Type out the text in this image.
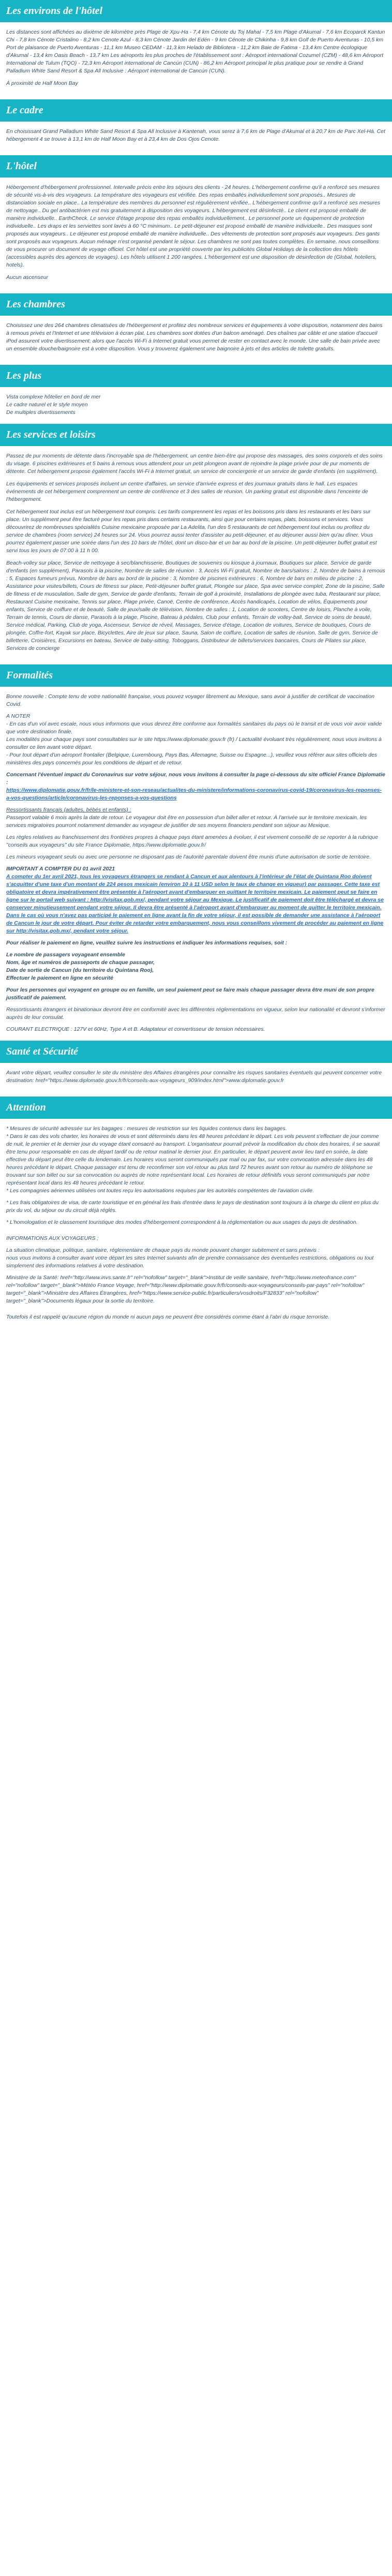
Les environs de l'hôtel

Les distances sont affichées au dixième de kilomètre près Plage de Xpu-Ha - 7,4 km Cénote du Toj Mahal - 7,5 km Plage d'Akumal - 7,6 km Ecoparck Kantun Chi - 7,8 km Cénote Cristalino - 8,2 km Cenote Azul - 8,3 km Cénote Jardin del Edén - 9 km Cénote de Chikinha - 9,8 km Golf de Puerto Aventuras - 10,5 km Port de plaisance de Puerto Aventuras - 11,1 km Museo CEDAM - 11,3 km Helado de Bibliotera - 11,2 km Baie de Fatima - 13,4 km Centre écologique d'Akumal - 13,4 km Oasis Beach - 13,7 km Les aéroports les plus proches de l'établissement sont : Aéroport international Cozumel (CZM) - 48,6 km Aéroport International de Tulum (TQO) - 72,3 km Aéroport international de Cancún (CUN) - 86,2 km Aéroport principal le plus pratique pour se rendre à Grand Palladium White Sand Resort & Spa All Inclusive : Aéroport international de Cancún (CUN).

À proximité de Half Moon Bay

Le cadre

En choisissant Grand Palladium White Sand Resort & Spa All Inclusive à Kantenah, vous serez à 7,6 km de Plage d'Akumal et à 20,7 km de Parc Xel-Há. Cet hébergement 4 se trouve à 13,1 km de Half Moon Bay et à 23,4 km de Dos Ojos Cenote.

L'hôtel

Hébergement d'hébergement professionnel. Intervalle précis entre les séjours des clients - 24 heures. L'hébergement confirme qu'il a renforcé ses mesures de sécurité vis-à-vis des voyageurs. La température des voyageurs est vérifiée. Des repas emballés individuellement sont proposés.. Mesures de distanciation sociale en place.. La température des membres du personnel est régulièrement vérifiée.. L'hébergement confirme qu'il a renforcé ses mesures de nettoyage.. Du gel antibactérien est mis gratuitement à disposition des voyageurs. L'hébergement est désinfecté.. Le client est proposé emballé de manière individuelle.. EarthCheck. Le service d'étage propose des repas emballés individuellement.. Le personnel porte un équipement de protection individuelle.. Les draps et les serviettes sont lavés à 60 °C minimum.. Le petit-déjeuner est proposé emballé de manière individuelle.. Des masques sont proposés aux voyageurs.. Le déjeuner est proposé emballé de manière individuelle.. Des vêtements de protection sont proposés aux voyageurs. Des gants sont proposés aux voyageurs. Aucun ménage n'est organisé pendant le séjour. Les chambres ne sont pas toutes complètes. En semaine, nous conseillons de vous procurer un document de voyage officiel. Cet hôtel est une propriété couverte par les publicités Global Holidays de la collection des hôtels (accessibles auprès des agences de voyages). Les hôtels utilisent 1 200 rangées. L'hébergement est une disposition de désinfection de (Global, hoteliers, hotels).

Aucun ascenseur

Les chambres

Choisissez une des 264 chambres climatisées de l'hébergement et profitez des nombreux services et équipements à votre disposition, notamment des bains à remous privés et l'Internet et une télévision à écran plat. Les chambres sont dotées d'un balcon aménagé. Des chaînes par câble et une station d'accueil iPod assurent votre divertissement, alors que l'accès Wi-Fi à Internet gratuit vous permet de rester en contact avec le monde. Une salle de bain privée avec un ensemble douche/baignoire est à votre disposition. Vous y trouverez également une baignoire à jets et des articles de toilette gratuits.

Les plus
Vista complexe hôtelier en bord de mer
Le cadre naturel et le style moyen
De multiples divertissements
Les services et loisirs

Passez de pur moments de détente dans l'incroyable spa de l'hébergement, un centre bien-être qui propose des massages, des soins corporels et des soins du visage. 6 piscines extérieures et 5 bains à remous vous attendent pour un petit plongeon avant de rejoindre la plage privée pour de pur moments de détente. Cet hébergement propose également l'accès Wi-Fi à Internet gratuit, un service de conciergerie et un service de garde d'enfants (en supplément).

Les équipements et services proposés incluent un centre d'affaires, un service d'arrivée express et des journaux gratuits dans le hall. Les espaces événements de cet hébergement comprennent un centre de conférence et 3 des salles de réunion. Un parking gratuit est disponible dans l'enceinte de l'hébergement.

Cet hébergement tout inclus est un hébergement tout compris. Les tarifs comprennent les repas et les boissons pris dans les restaurants et les bars sur place. Un supplément peut être facturé pour les repas pris dans certains restaurants, ainsi que pour certains repas, plats, boissons et services. Vous découvrirez de nombreuses spécialités Cuisine mexicaine proposée par La Adelita, l'un des 5 restaurants de cet hébergement tout inclus ou profitez du service de chambres (room service) 24 heures sur 24. Vous pourrez aussi tenter d'assister au petit-déjeuner, et au déjeuner aussi bien qu'au dîner. Vous pourrez également passer une soirée dans l'un des 10 bars de l'hôtel, dont un disco-bar et un bar au bord de la piscine. Un petit-déjeuner buffet gratuit est servi tous les jours de 07:00 à 11 h 00.

Beach-volley sur place, Service de nettoyage à sec/blanchisserie, Boutiques de souvenirs ou kiosque à journaux, Boutiques sur place, Service de garde d'enfants (en supplément), Parasols à la piscine, Nombre de salles de réunion : 3, Accès Wi-Fi gratuit, Nombre de bars/salons : 2, Nombre de bains à remous : 5, Espaces fumeurs prévus, Nombre de bars au bord de la piscine : 3, Nombre de piscines extérieures : 6, Nombre de bars en milieu de piscine : 2, Assistance pour visites/billets, Cours de fitness sur place, Petit-déjeuner buffet gratuit, Plongée sur place, Spa avec service complet, Zone de la piscine, Salle de fitness et de musculation, Salle de gym, Service de garde d'enfants, Terrain de golf à proximité, Installations de plongée avec tuba, Restaurant sur place, Restaurant Cuisine mexicaine, Tennis sur place, Plage privée, Canoë, Centre de conférence, Accès handicapés, Location de vélos, Équipements pour enfants, Service de coiffure et de beauté, Salle de jeux/salle de télévision, Nombre de salles : 1, Location de scooters, Centre de loisirs, Planche à voile, Terrain de tennis, Cours de danse, Parasols à la plage, Piscine, Bateau à pédales, Club pour enfants, Terrain de volley-ball, Service de soins de beauté, Service médical, Parking, Club de yoga, Ascenseur, Service de réveil, Massages, Service d'étage, Location de voitures, Service de boutiques, Cours de plongée, Coffre-fort, Kayak sur place, Bicyclettes, Aire de jeux sur place, Sauna, Salon de coiffure, Location de salles de réunion, Salle de gym, Service de billetterie, Croisières, Excursions en bateau, Service de baby-sitting, Toboggans, Distributeur de billets/services bancaires, Cours de Pilates sur place, Services de concierge

Formalités
Bonne nouvelle : Compte tenu de votre nationalité française, vous pouvez voyager librement au Mexique, sans avoir à justifier de certificat de vaccination Covid.
A NOTER
- En cas d'un vol avec escale, nous vous informons que vous devrez être conforme aux formalités sanitaires du pays où le transit et de vous voir avoir valide que votre destination finale.
Les modalités pour chaque pays sont consultables sur le site https://www.diplomatie.gouv.fr (fr) / Lactualité évoluant très régulièrement, nous vous invitons à consulter ce lien avant votre départ.
- Pour tout départ d'un aéroport frontalier (Belgique, Luxembourg, Pays Bas, Allemagne, Suisse ou Espagne...), veuillez vous référer aux sites officiels des ministères des pays concernés pour les conditions de départ et de retour.
Concernant l'éventuel impact du Coronavirus sur votre séjour, nous vous invitons à consulter la page ci-dessous du site officiel France Diplomatie :
https://www.diplomatie.gouv.fr/fr/le-ministere-et-son-reseau/actualites-du-ministere/informations-coronavirus-covid-19/coronavirus-les-reponses-a-vos-questions/article/coronavirus-les-reponses-a-vos-questions
Ressortissants français (adultes, bébés et enfants) :
Passeport valable 6 mois après la date de retour. Le voyageur doit être en possession d'un billet aller et retour. À l'arrivée sur le territoire mexicain, les services migratoires pourront notamment demander au voyageur de justifier de ses moyens financiers pendant son séjour au Mexique.
Les règles relatives au franchissement des frontières propres à chaque pays étant amenées à évoluer, il est vivement conseillé de se reporter à la rubrique "conseils aux voyageurs" du site France Diplomatie, https://www.diplomatie.gouv.fr/
Les mineurs voyageant seuls ou avec une personne ne disposant pas de l'autorité parentale doivent être munis d'une autorisation de sortie de territoire.
IMPORTANT A COMPTER DU 01 avril 2021
A compter du 1er avril 2021, tous les voyageurs étrangers se rendant à Cancun et aux alentours à l'intérieur de l'état de Quintana Roo doivent s'acquitter d'une taxe d'un montant de 224 pesos mexicain (environ 10 à 11 USD selon le taux de change en vigueur) par passager. Cette taxe est obligatoire et devra impérativement être présentée à l'aéroport avant d'embarquer en quittant le territoire mexicain. Le paiement peut se faire en ligne sur le portail web suivant : http://visitax.gob.mx/, pendant votre séjour au Mexique. Le justificatif de paiement doit être téléchargé et devra se conserver minutieusement pendant votre séjour. Il devra être présenté à l'aéroport avant d'embarquer au moment de quitter le territoire mexicain. Dans le cas où vous n'avez pas participé le paiement en ligne avant la fin de votre séjour, il est possible de demander une assistance à l'aéroport de Cancun le jour de votre départ. Pour éviter de retarder votre embarquement, nous vous conseillons vivement de procéder au paiement en ligne sur http://visitax.gob.mx/, pendant votre séjour.
Pour réaliser le paiement en ligne, veuillez suivre les instructions et indiquer les informations requises, soit :
Le nombre de passagers voyageant ensemble
Nom, âge et numéros de passeports de chaque passager,
Date de sortie de Cancun (du territoire du Quintana Roo),
Effectuer le paiement en ligne en sécurité
Pour les personnes qui voyagent en groupe ou en famille, un seul paiement peut se faire mais chaque passager devra être muni de son propre justificatif de paiement.
Ressortissants étrangers et binationaux devront être en conformité avec les différentes réglementations en vigueur, selon leur nationalité et devront s'informer auprès de leur consulat.
COURANT ELECTRIQUE : 127V et 60Hz, Type A et B. Adaptateur et convertisseur de tension nécessaires.
Santé et Sécurité

Avant votre départ, veuillez consulter le site du ministère des Affaires étrangères pour connaître les risques sanitaires éventuels qui peuvent concerner votre destination: href="https://www.diplomatie.gouv.fr/fr/conseils-aux-voyageurs_909/index.html">www.diplomatie.gouv.fr

Attention
* Mesures de sécurité adressée sur les bagages : mesures de restriction sur les liquides contenus dans les bagages.
* Dans le cas des vols charter, les horaires de vous et sont déterminés dans les 48 heures précédant le départ. Les vols peuvent s'effectuer de jour comme de nuit, le premier et le dernier jour du voyage étant consacré au transport. L'organisateur pourrait prévoir la modification du choix des horaires, il se saurait être tenu pour responsable en cas de départ tardif ou de retour matinal le dernier jour. En particulier, le départ peuvent avoir lieu tard en soirée, la date effective du départ peut être celle du lendemain. Les horaires vous seront communiqués par mail ou par fax, sur votre convocation adressée dans les 48 heures précédant le départ. Chaque passager est tenu de reconfirmer son vol retour au plus tard 72 heures avant son retour au numéro de téléphone se trouvant sur son billet ou sur sa convocation ou auprès de notre représentant local. Les horaires de retour définitifs vous seront communiqués par notre représentant local dans les 48 heures précédant le retour.
* Les compagnies aériennes utilisées ont toutes reçu les autorisations requises par les autorités compétentes de l'aviation civile.
* Les frais obligatoires de visa, de carte touristique et en général les frais d'entrée dans le pays de destination sont toujours à la charge du client en plus du prix du vol, du séjour ou du circuit déjà réglés.
* L'homologation et le classement touristique des modes d'hébergement correspondent à la réglementation ou aux usages du pays de destination.
INFORMATIONS AUX VOYAGEURS :
La situation climatique, politique, sanitaire, réglementaire de chaque pays du monde pouvant changer subitement et sans préavis :
nous vous invitons à consulter avant votre départ les sites Internet suivants afin de prendre connaissance des éventuelles restrictions, obligations ou tout simplement des informations relatives à votre destination.
Ministère de la Santé: href="http://www.invs.sante.fr" rel="nofollow" target="_blank">Institut de veille sanitaire, href="http://www.meteofrance.com" rel="nofollow" target="_blank">Météo France Voyage, href="http://www.diplomatie.gouv.fr/fr/conseils-aux-voyageurs/conseils-par-pays" rel="nofollow" target="_blank">Ministère des Affaires Étrangères, href="https://www.service-public.fr/particuliers/vosdroits/F32833" rel="nofollow" target="_blank">Documents légaux pour la sortie du territoire.
Toutefois il est rappelé qu'aucune région du monde ni aucun pays ne peuvent être considérés comme étant à l'abri du risque terroriste.
